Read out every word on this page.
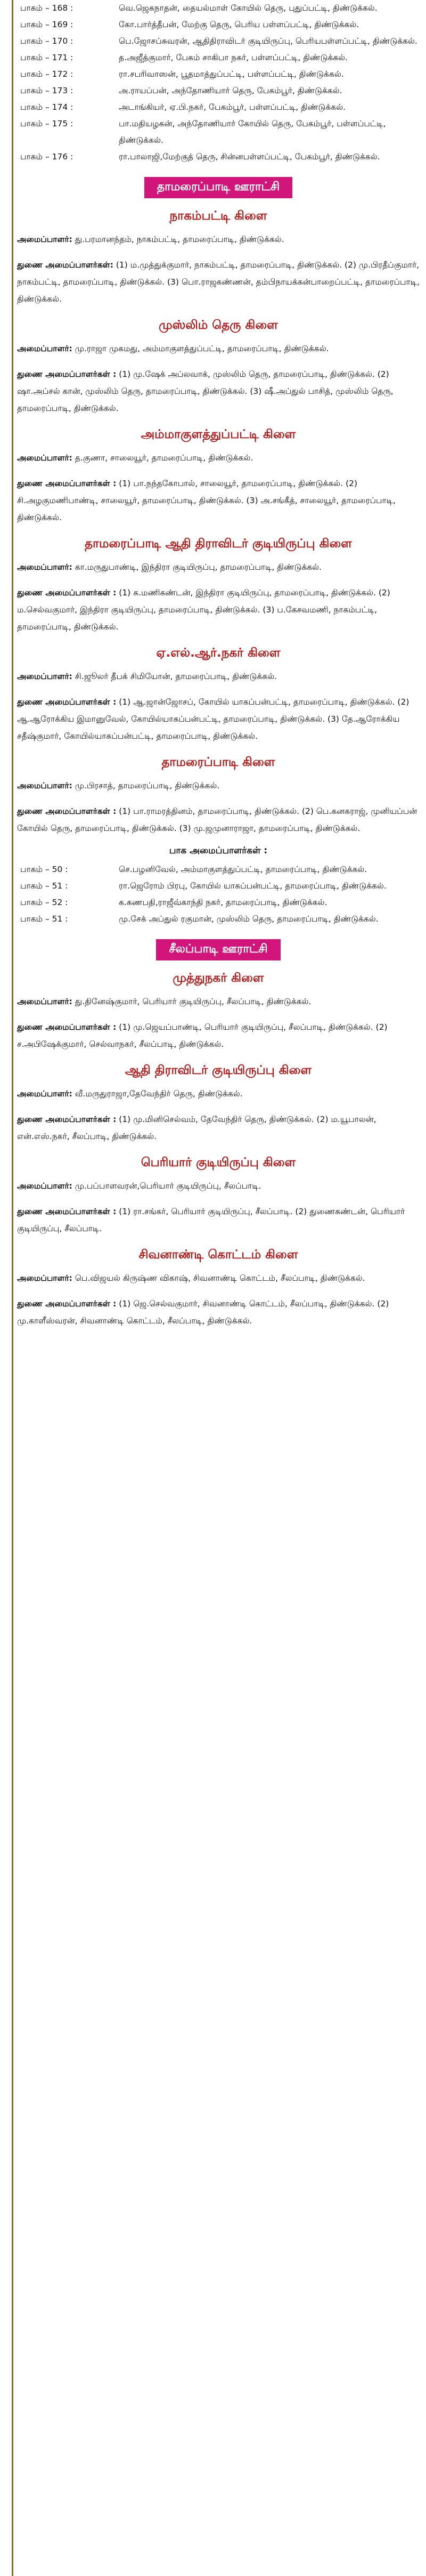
பாகம் – 168 :	வெ.ஜெகநாதன், தையல்மாள் கோயில் தெரு, புதுப்பட்டி, திண்டுக்கல்.
பாகம் – 169 :	கோ.பார்த்தீபன், மேற்கு தெரு, பெரிய பள்ளப்பட்டி, திண்டுக்கல்.
பாகம் – 170 :	பெ.ஜோசப்சுவரன், ஆதிதிராவிடர் குடியிருப்பு, பெரியபள்ளப்பட்டி, திண்டுக்கல்.
பாகம் – 171 :	த.அஜீத்குமார், பேகம் சாகிபா நகர், பள்ளப்பட்டி, திண்டுக்கல்.
பாகம் – 172 :	ரா.சபரிவாஸன், பூதமாத்துப்பட்டி, பள்ளப்பட்டி, திண்டுக்கல்.
பாகம் – 173 :	அ.ராயப்பன், அந்தோணியார் தெரு, பேகம்பூர், திண்டுக்கல்.
பாகம் – 174 :	அடாங்கியர், ஏ.பி.நகர், பேகம்பூர், பள்ளப்பட்டி, திண்டுக்கல்.
பாகம் – 175 :	பா.மதியழகன், அந்தோணியார் கோயில் தெரு, பேகம்பூர், பள்ளப்பட்டி, திண்டுக்கல்.
பாகம் – 176 :	ரா.பாலாஜி,மேற்குத் தெரு, சின்னபள்ளப்பட்டி, பேகம்பூர், திண்டுக்கல்.
தாமரைப்பாடி ஊராட்சி
நாகம்பட்டி கிளை

அமைப்பாளர்: து.பரமானந்தம், நாகம்பட்டி, தாமரைப்பாடி, திண்டுக்கல்.

துணை அமைப்பாளர்கள்: (1) ம.முத்துக்குமார், நாகம்பட்டி, தாமரைப்பாடி, திண்டுக்கல். (2) மு.பிரதீப்குமார், நாகம்பட்டி, தாமரைப்பாடி, திண்டுக்கல். (3) பொ.ராஜகண்ணன், தம்பிநாயக்கன்பாறைப்பட்டி, தாமரைப்பாடி, திண்டுக்கல்.

முஸ்லிம் தெரு கிளை

அமைப்பாளர்: மு.ராஜா முகமது, அம்மாகுளத்துப்பட்டி, தாமரைப்பாடி, திண்டுக்கல்.

துணை அமைப்பாளர்கள் : (1) மு.ஷேக் அப்லவாக், முஸ்லிம் தெரு, தாமரைப்பாடி, திண்டுக்கல். (2) ஷா.அப்சல் கான், முஸ்லிம் தெரு, தாமரைப்பாடி, திண்டுக்கல். (3) ஷீ.அப்துல் பாசித், முஸ்லிம் தெரு, தாமரைப்பாடி, திண்டுக்கல்.

அம்மாகுளத்துப்பட்டி கிளை

அமைப்பாளர்: த.குணா, சாலையூர், தாமரைப்பாடி, திண்டுக்கல்.

துணை அமைப்பாளர்கள் : (1) பா.நந்தகோபால், சாலையூர், தாமரைப்பாடி, திண்டுக்கல். (2) சி.அழகுமணிபாண்டி, சாலையூர், தாமரைப்பாடி, திண்டுக்கல். (3) அ.சங்கீத், சாலையூர், தாமரைப்பாடி, திண்டுக்கல்.

தாமரைப்பாடி ஆதி திராவிடர் குடியிருப்பு கிளை

அமைப்பாளர்: கா.மருதுபாண்டி, இந்திரா குடியிருப்பு, தாமரைப்பாடி, திண்டுக்கல்.

துணை அமைப்பாளர்கள் : (1) க.மணிகண்டன், இந்திரா குடியிருப்பு, தாமரைப்பாடி, திண்டுக்கல். (2) ம.செல்வகுமார், இந்திரா குடியிருப்பு, தாமரைப்பாடி, திண்டுக்கல். (3) ப.கேசவமணி, நாகம்பட்டி, தாமரைப்பாடி, திண்டுக்கல்.

ஏ.எல்.ஆர்.நகர் கிளை

அமைப்பாளர்: சி.ஜூலர் தீபக் சிமியோன், தாமரைப்பாடி, திண்டுக்கல்.

துணை அமைப்பாளர்கள் : (1) ஆ.ஜான்ஜோசப், கோயில் யாகப்பன்பட்டி, தாமரைப்பாடி, திண்டுக்கல். (2) ஆ.ஆரோக்கிய இமானுவேல், கோயில்யாகப்பன்பட்டி, தாமரைப்பாடி, திண்டுக்கல். (3) தே.ஆரோக்கிய சதீஷ்குமார், கோயில்யாகப்பன்பட்டி, தாமரைப்பாடி, திண்டுக்கல்.

தாமரைப்பாடி கிளை

அமைப்பாளர்: மு.பிரசாத், தாமரைப்பாடி, திண்டுக்கல்.

துணை அமைப்பாளர்கள் : (1) பா.ராமரத்தினம், தாமரைப்பாடி, திண்டுக்கல். (2) பெ.கனகராஜ், முனியப்பன் கோயில் தெரு, தாமரைப்பாடி, திண்டுக்கல். (3) மு.ஜமுனாராஜா, தாமரைப்பாடி, திண்டுக்கல்.

பாக அமைப்பாளர்கள் :
பாகம் – 50 :	செ.பழனிவேல், அம்மாகுளத்துப்பட்டி, தாமரைப்பாடி, திண்டுக்கல்.
பாகம் – 51 :	ரா.ஜெரோம் பிரபு, கோயில் யாகப்பன்பட்டி, தாமரைப்பாடி, திண்டுக்கல்.
பாகம் – 52 :	க.கணபதி,ராஜீவ்காந்தி நகர், தாமரைப்பாடி, திண்டுக்கல்.
பாகம் – 51 :	மு.சேக் அப்துல் ரகுமான், முஸ்லிம் தெரு, தாமரைப்பாடி, திண்டுக்கல்.
சீலப்பாடி ஊராட்சி
முத்துநகர் கிளை

அமைப்பாளர்: து.தினேஷ்குமார், பெரியார் குடியிருப்பு, சீலப்பாடி, திண்டுக்கல்.

துணை அமைப்பாளர்கள் : (1) மு.ஜெயப்பாண்டி, பெரியார் குடியிருப்பு, சீலப்பாடி, திண்டுக்கல். (2) ச.அபிஷேக்குமார், செல்வாநகர், சீலப்பாடி, திண்டுக்கல்.

ஆதி திராவிடர் குடியிருப்பு கிளை

அமைப்பாளர்: வீ.மருதுராஜா,தேவேந்திர் தெரு, திண்டுக்கல்.

துணை அமைப்பாளர்கள் : (1) மு.மினிசெல்வம், தேவேந்திர் தெரு, திண்டுக்கல். (2) ம.யூபாலன், என்.எஸ்.நகர், சீலப்பாடி, திண்டுக்கல்.

பெரியார் குடியிருப்பு கிளை

அமைப்பாளர்: மு.பப்பாளவரன்,பெரியார் குடியிருப்பு, சீலப்பாடி.

துணை அமைப்பாளர்கள் : (1) ரா.சங்கர், பெரியார் குடியிருப்பு, சீலப்பாடி. (2) துணைகண்டன், பெரியார் குடியிருப்பு, சீலப்பாடி.

சிவனாண்டி கொட்டம் கிளை

அமைப்பாளர்: பெ.விஜயல் கிருஷ்ண விகாஷ், சிவனாண்டி கொட்டம், சீலப்பாடி, திண்டுக்கல்.

துணை அமைப்பாளர்கள் : (1) ஜெ.செல்வகுமார், சிவனாண்டி கொட்டம், சீலப்பாடி, திண்டுக்கல். (2) மு.காளீஸ்வரன், சிவனாண்டி கொட்டம், சீலப்பாடி, திண்டுக்கல்.
